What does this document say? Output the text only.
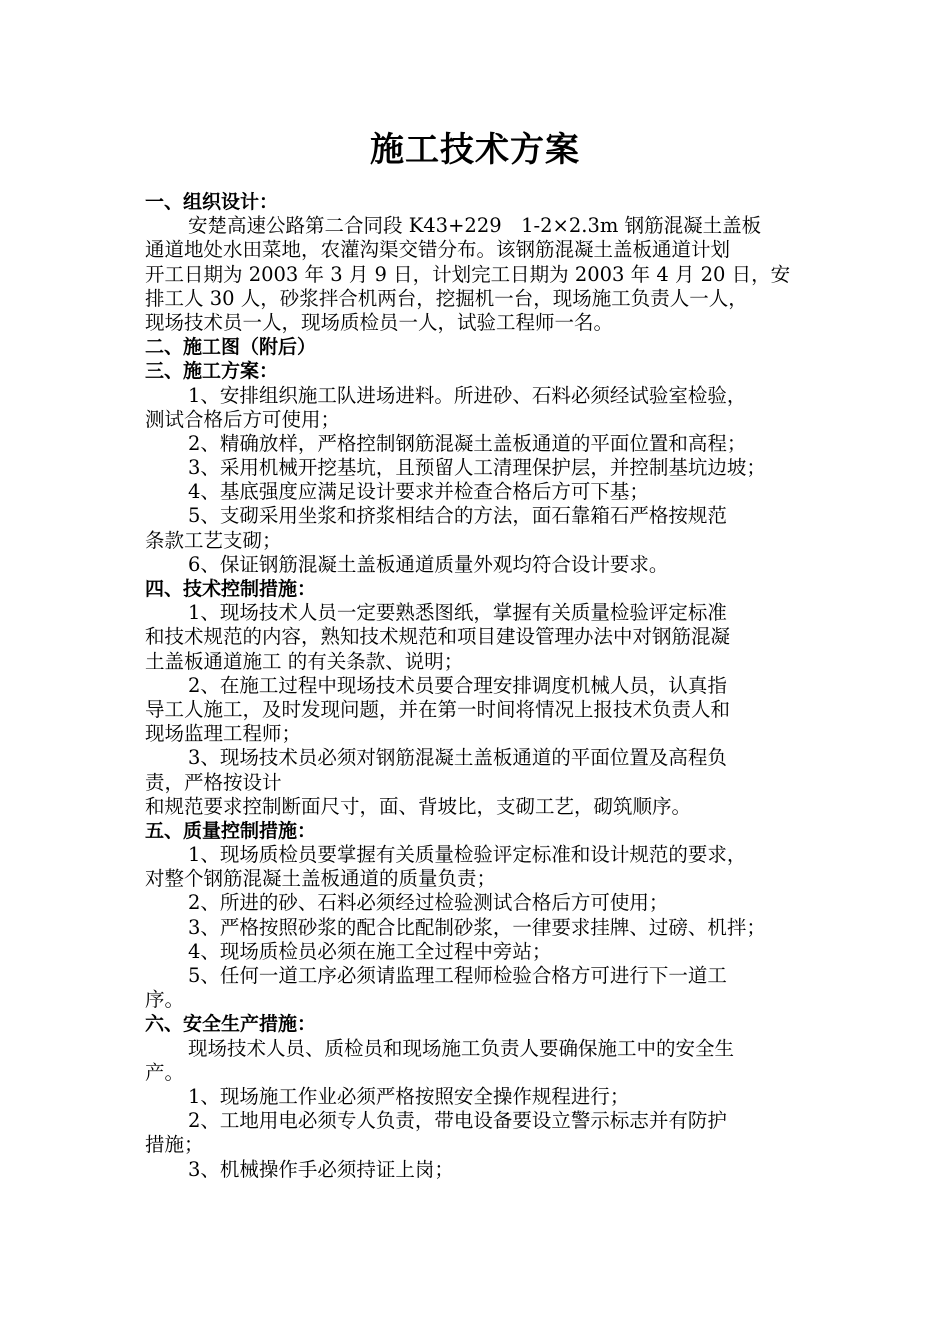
施工技术方案
一、组织设计：
安楚高速公路第二合同段 K43+229　1-2×2.3m 钢筋混凝土盖板
通道地处水田菜地，农灌沟渠交错分布。该钢筋混凝土盖板通道计划
开工日期为 2003 年 3 月 9 日，计划完工日期为 2003 年 4 月 20 日，安
排工人 30 人，砂浆拌合机两台，挖掘机一台，现场施工负责人一人，
现场技术员一人，现场质检员一人，试验工程师一名。
二、施工图（附后）
三、施工方案：
1、安排组织施工队进场进料。所进砂、石料必须经试验室检验，
测试合格后方可使用；
2、精确放样，严格控制钢筋混凝土盖板通道的平面位置和高程；
3、采用机械开挖基坑，且预留人工清理保护层，并控制基坑边坡；
4、基底强度应满足设计要求并检查合格后方可下基；
5、支砌采用坐浆和挤浆相结合的方法，面石靠箱石严格按规范
条款工艺支砌；
6、保证钢筋混凝土盖板通道质量外观均符合设计要求。
四、技术控制措施：
1、现场技术人员一定要熟悉图纸，掌握有关质量检验评定标准
和技术规范的内容，熟知技术规范和项目建设管理办法中对钢筋混凝
土盖板通道施工 的有关条款、说明；
2、在施工过程中现场技术员要合理安排调度机械人员，认真指
导工人施工，及时发现问题，并在第一时间将情况上报技术负责人和
现场监理工程师；
3、现场技术员必须对钢筋混凝土盖板通道的平面位置及高程负
责，严格按设计
和规范要求控制断面尺寸，面、背坡比，支砌工艺，砌筑顺序。
五、质量控制措施：
1、现场质检员要掌握有关质量检验评定标准和设计规范的要求，
对整个钢筋混凝土盖板通道的质量负责；
2、所进的砂、石料必须经过检验测试合格后方可使用；
3、严格按照砂浆的配合比配制砂浆，一律要求挂牌、过磅、机拌；
4、现场质检员必须在施工全过程中旁站；
5、任何一道工序必须请监理工程师检验合格方可进行下一道工
序。
六、安全生产措施：
现场技术人员、质检员和现场施工负责人要确保施工中的安全生
产。
1、现场施工作业必须严格按照安全操作规程进行；
2、工地用电必须专人负责，带电设备要设立警示标志并有防护
措施；
3、机械操作手必须持证上岗；
